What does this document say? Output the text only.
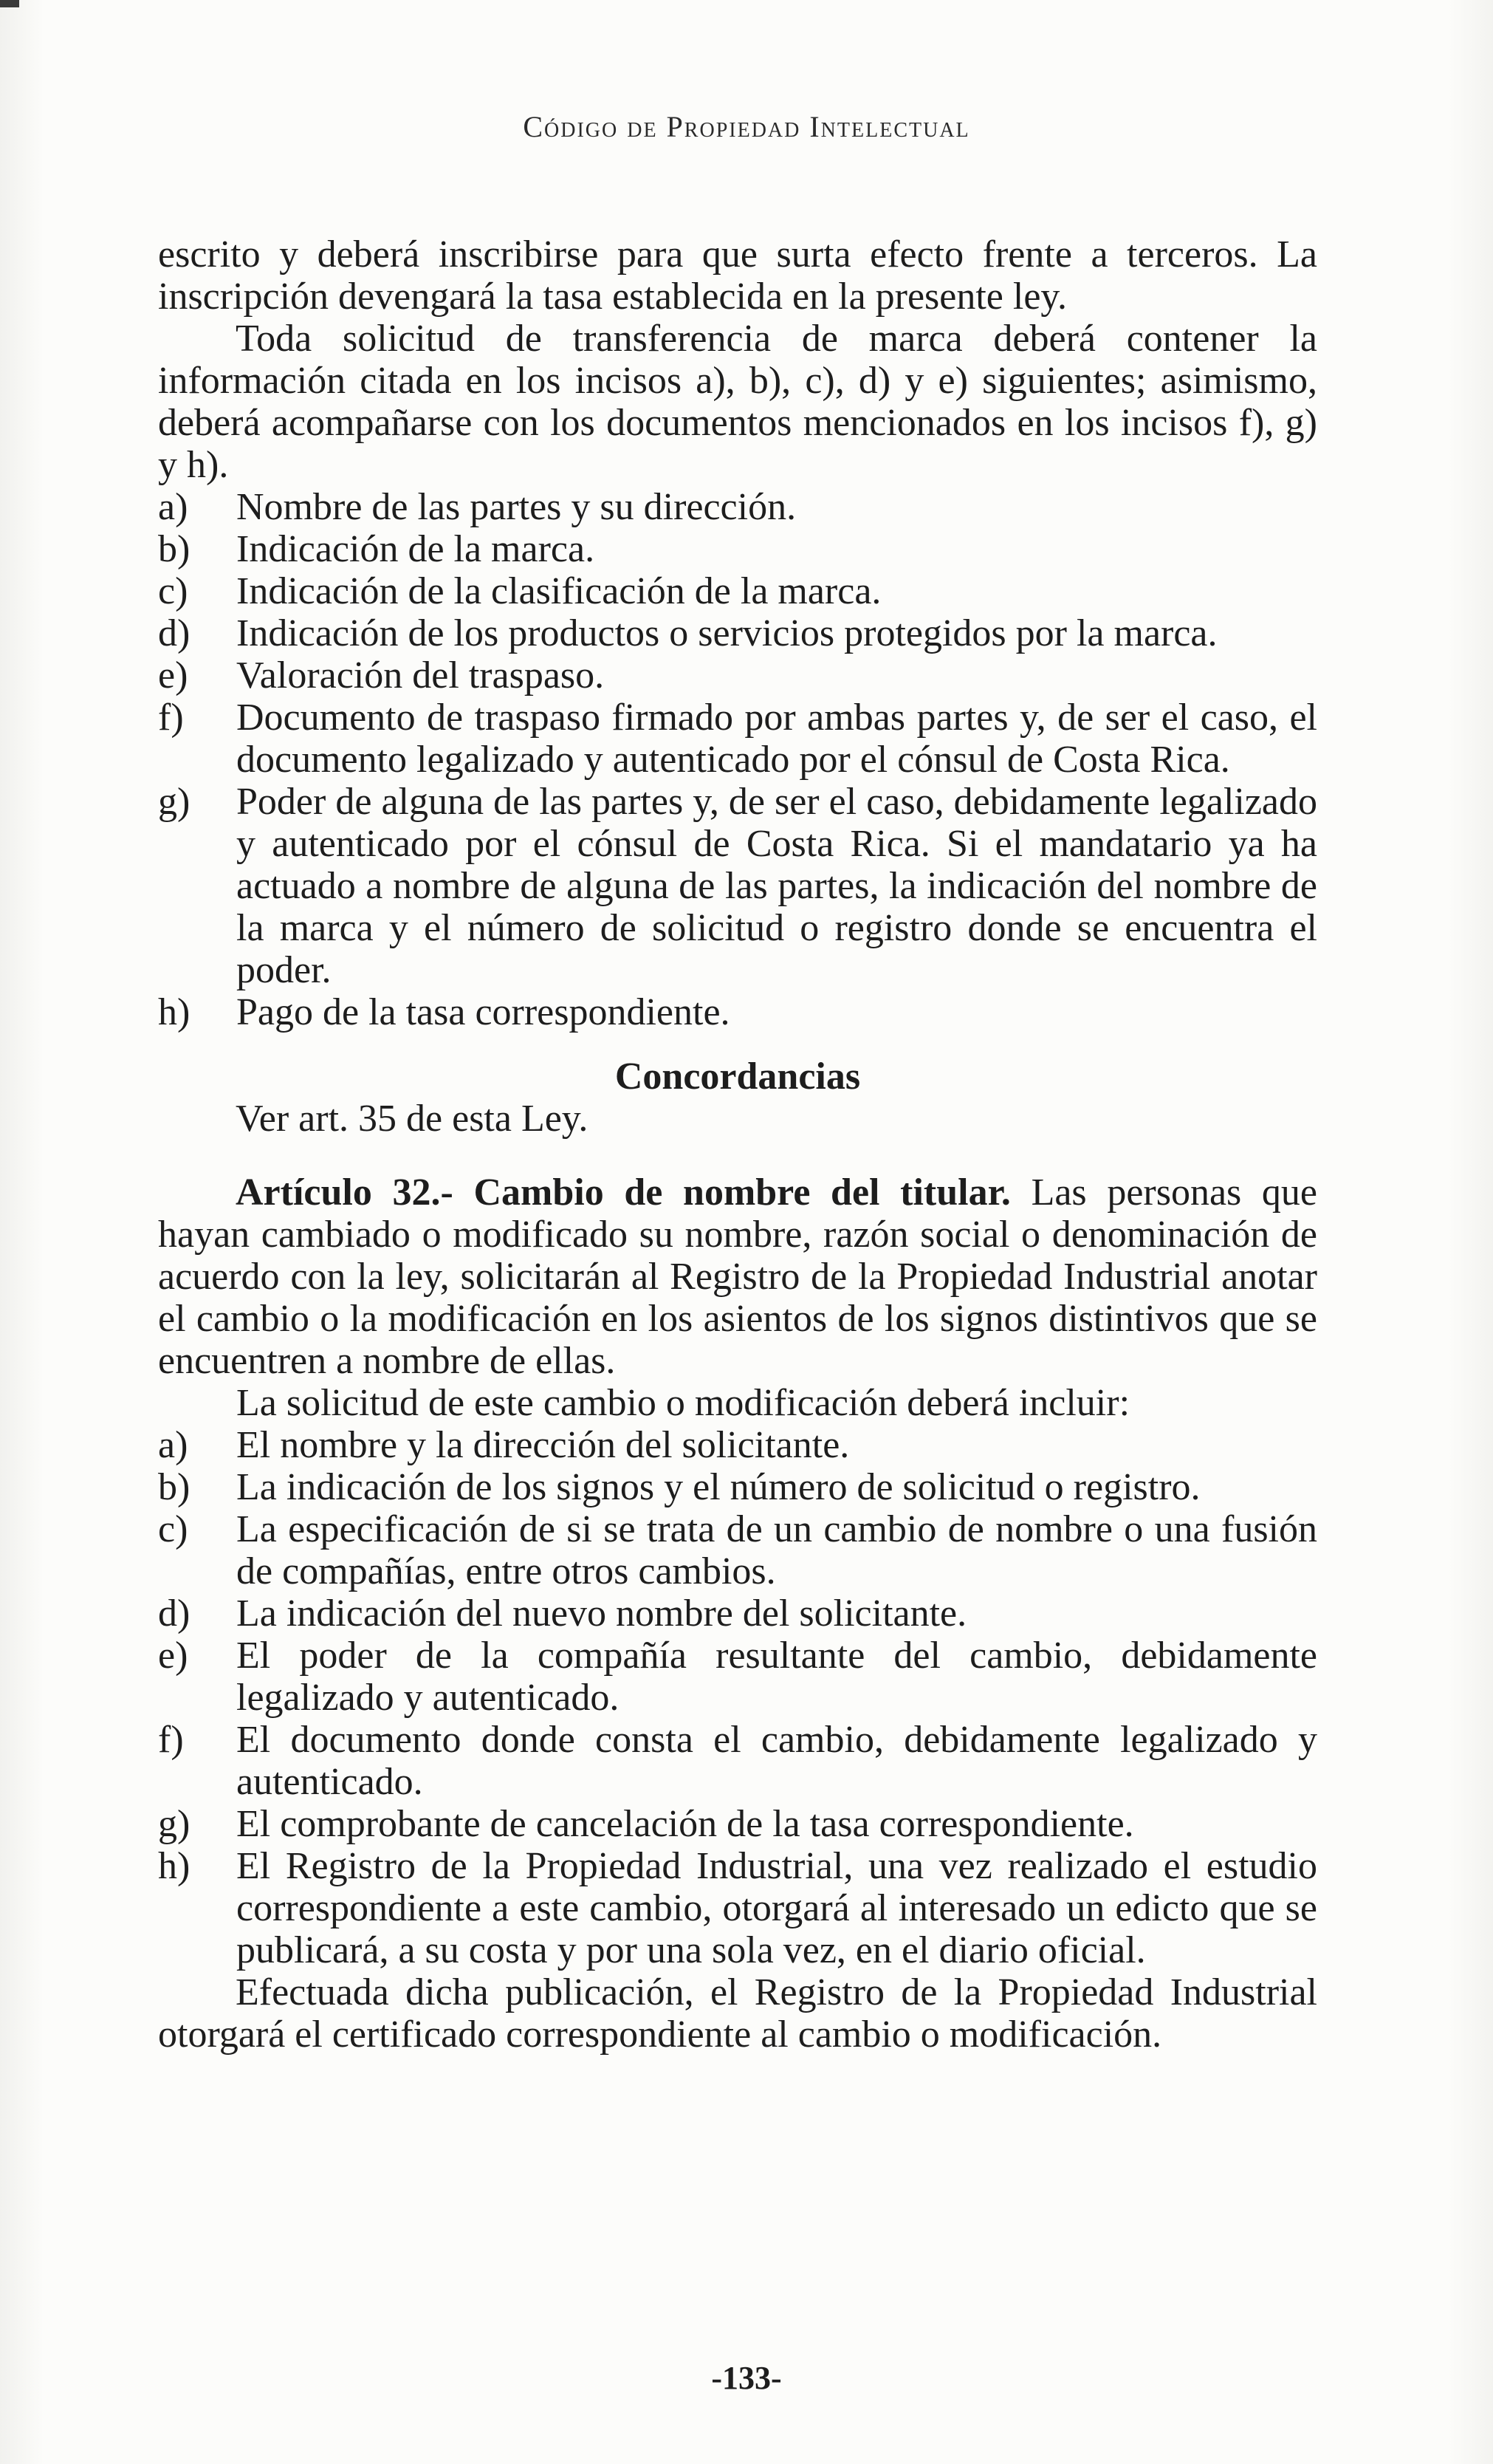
Código de Propiedad Intelectual

escrito y deberá inscribirse para que surta efecto frente a terceros. La inscripción devengará la tasa establecida en la presente ley.

Toda solicitud de transferencia de marca deberá contener la información citada en los incisos a), b), c), d) y e) siguientes; asimismo, deberá acompañarse con los documentos mencionados en los incisos f), g) y h).

a)	Nombre de las partes y su dirección.
b)	Indicación de la marca.
c)	Indicación de la clasificación de la marca.
d)	Indicación de los productos o servicios protegidos por la marca.
e)	Valoración del traspaso.
f)	Documento de traspaso firmado por ambas partes y, de ser el caso, el documento legalizado y autenticado por el cónsul de Costa Rica.
g)	Poder de alguna de las partes y, de ser el caso, debidamente legalizado y autenticado por el cónsul de Costa Rica. Si el mandatario ya ha actuado a nombre de alguna de las partes, la indicación del nombre de la marca y el número de solicitud o registro donde se encuentra el poder.
h)	Pago de la tasa correspondiente.

Concordancias

Ver art. 35 de esta Ley.

Artículo 32.- Cambio de nombre del titular. Las personas que hayan cambiado o modificado su nombre, razón social o denominación de acuerdo con la ley, solicitarán al Registro de la Propiedad Industrial anotar el cambio o la modificación en los asientos de los signos distintivos que se encuentren a nombre de ellas.

La solicitud de este cambio o modificación deberá incluir:

a)	El nombre y la dirección del solicitante.
b)	La indicación de los signos y el número de solicitud o registro.
c)	La especificación de si se trata de un cambio de nombre o una fusión de compañías, entre otros cambios.
d)	La indicación del nuevo nombre del solicitante.
e)	El poder de la compañía resultante del cambio, debidamente legalizado y autenticado.
f)	El documento donde consta el cambio, debidamente legalizado y autenticado.
g)	El comprobante de cancelación de la tasa correspondiente.
h)	El Registro de la Propiedad Industrial, una vez realizado el estudio correspondiente a este cambio, otorgará al interesado un edicto que se publicará, a su costa y por una sola vez, en el diario oficial.

Efectuada dicha publicación, el Registro de la Propiedad Industrial otorgará el certificado correspondiente al cambio o modificación.

-133-
